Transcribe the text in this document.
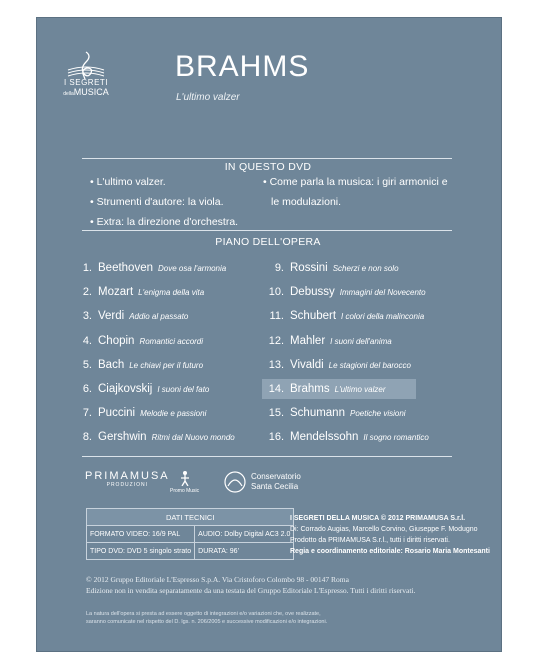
I SEGRETI
dellaMUSICA
BRAHMS
L'ultimo valzer
IN QUESTO DVD
• L'ultimo valzer.
• Strumenti d'autore: la viola.
• Extra: la direzione d'orchestra.
• Come parla la musica: i giri armonici e
le modulazioni.
PIANO DELL'OPERA
1. Beethoven Dove osa l'armonia
2. Mozart L'enigma della vita
3. Verdi Addio al passato
4. Chopin Romantici accordi
5. Bach Le chiavi per il futuro
6. Ciajkovskij I suoni del fato
7. Puccini Melodie e passioni
8. Gershwin Ritmi dal Nuovo mondo
9. Rossini Scherzi e non solo
10. Debussy Immagini del Novecento
11. Schubert I colori della malinconia
12. Mahler I suoni dell'anima
13. Vivaldi Le stagioni del barocco
14. Brahms L'ultimo valzer
15. Schumann Poetiche visioni
16. Mendelssohn Il sogno romantico
PRIMAMUSA
PRODUZIONI
Promo Music
Conservatorio
Santa Cecilia
DATI TECNICI	
FORMATO VIDEO: 16/9 PAL	AUDIO: Dolby Digital AC3 2.0
TIPO DVD: DVD 5 singolo strato	DURATA: 96'
I SEGRETI DELLA MUSICA © 2012 PRIMAMUSA S.r.l.
Di: Corrado Augias, Marcello Corvino, Giuseppe F. Modugno
Prodotto da PRIMAMUSA S.r.l., tutti i diritti riservati.
Regia e coordinamento editoriale: Rosario Maria Montesanti
© 2012 Gruppo Editoriale L'Espresso S.p.A. Via Cristoforo Colombo 98 - 00147 Roma
Edizione non in vendita separatamente da una testata del Gruppo Editoriale L'Espresso. Tutti i diritti riservati.
La natura dell'opera si presta ad essere oggetto di integrazioni e/o variazioni che, ove realizzate,
saranno comunicate nel rispetto del D. lgs. n. 206/2005 e successive modificazioni e/o integrazioni.
